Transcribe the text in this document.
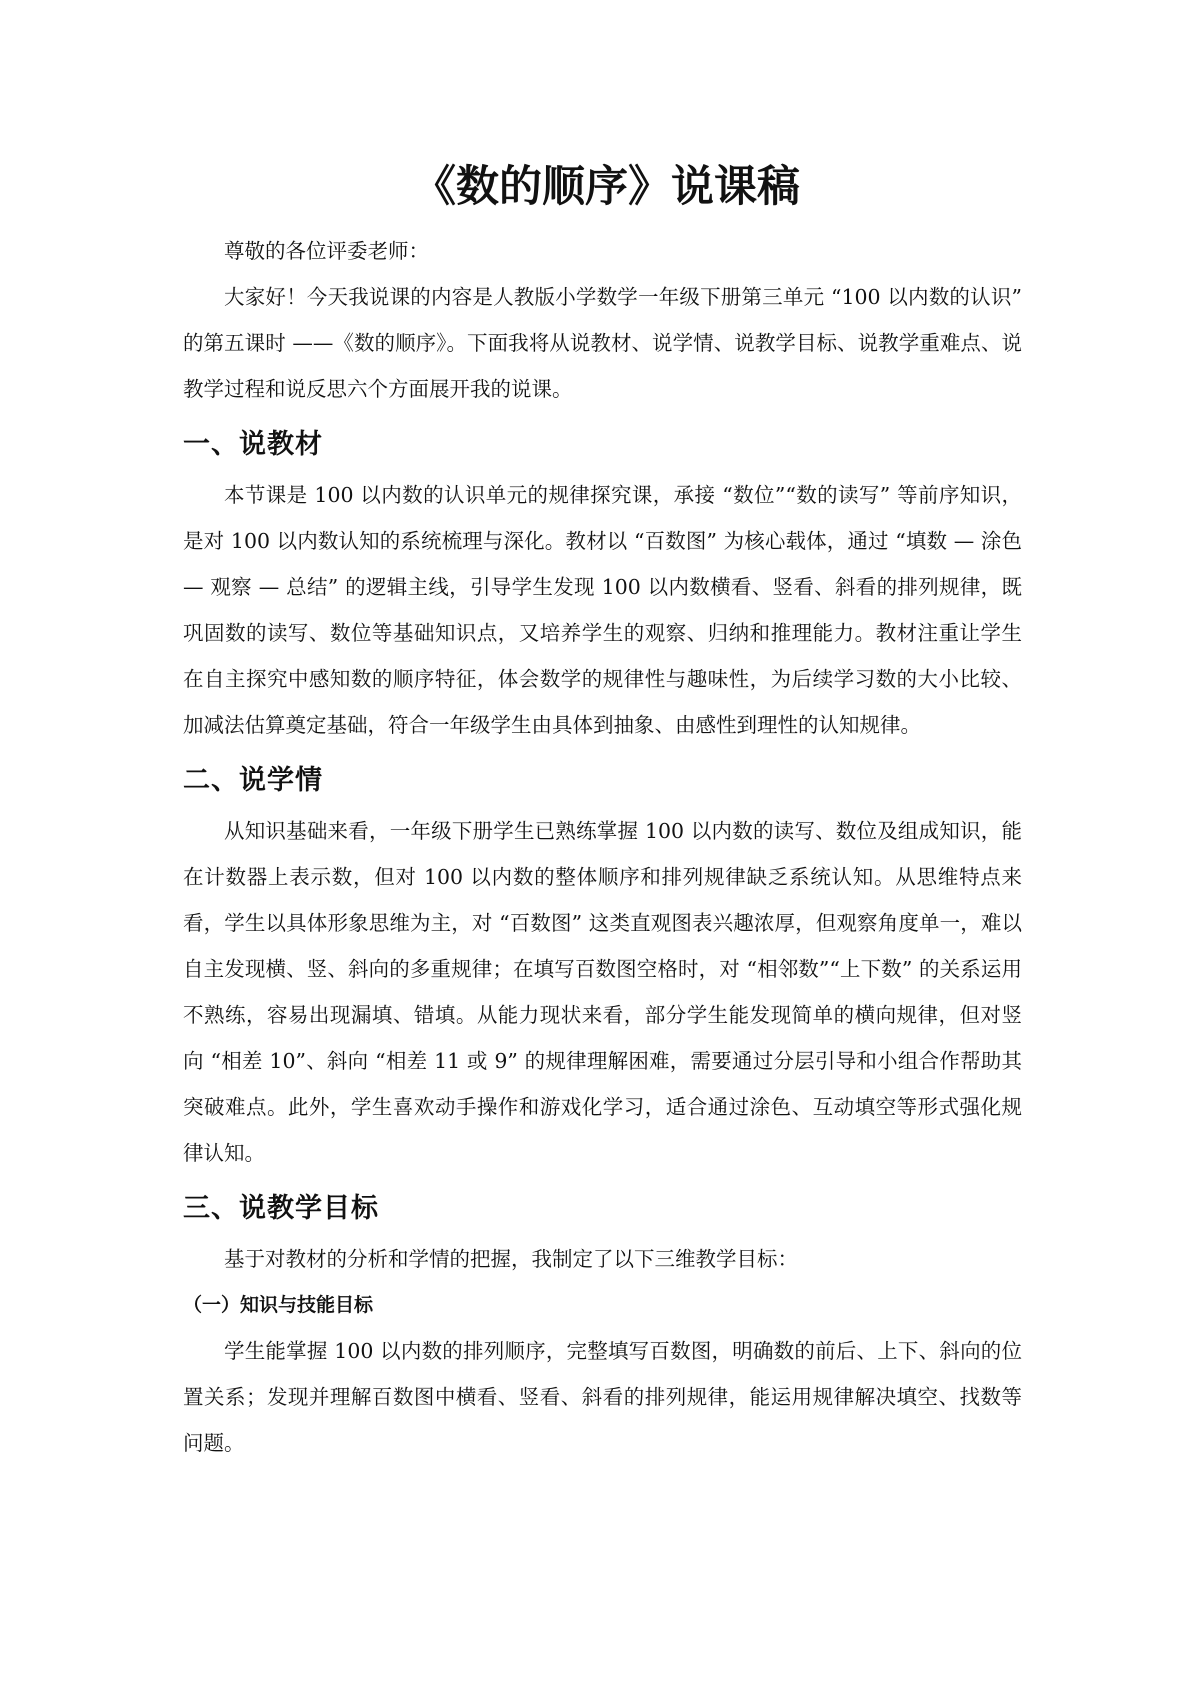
《数的顺序》说课稿

尊敬的各位评委老师：

大家好！今天我说课的内容是人教版小学数学一年级下册第三单元 “100 以内数的认识” 的第五课时 ——《数的顺序》。下面我将从说教材、说学情、说教学目标、说教学重难点、说教学过程和说反思六个方面展开我的说课。

一、说教材

本节课是 100 以内数的认识单元的规律探究课，承接 “数位”“数的读写” 等前序知识，是对 100 以内数认知的系统梳理与深化。教材以 “百数图” 为核心载体，通过 “填数 — 涂色 — 观察 — 总结” 的逻辑主线，引导学生发现 100 以内数横看、竖看、斜看的排列规律，既巩固数的读写、数位等基础知识点，又培养学生的观察、归纳和推理能力。教材注重让学生在自主探究中感知数的顺序特征，体会数学的规律性与趣味性，为后续学习数的大小比较、加减法估算奠定基础，符合一年级学生由具体到抽象、由感性到理性的认知规律。

二、说学情

从知识基础来看，一年级下册学生已熟练掌握 100 以内数的读写、数位及组成知识，能在计数器上表示数，但对 100 以内数的整体顺序和排列规律缺乏系统认知。从思维特点来看，学生以具体形象思维为主，对 “百数图” 这类直观图表兴趣浓厚，但观察角度单一，难以自主发现横、竖、斜向的多重规律；在填写百数图空格时，对 “相邻数”“上下数” 的关系运用不熟练，容易出现漏填、错填。从能力现状来看，部分学生能发现简单的横向规律，但对竖向 “相差 10”、斜向 “相差 11 或 9” 的规律理解困难，需要通过分层引导和小组合作帮助其突破难点。此外，学生喜欢动手操作和游戏化学习，适合通过涂色、互动填空等形式强化规律认知。

三、说教学目标

基于对教材的分析和学情的把握，我制定了以下三维教学目标：

（一）知识与技能目标

学生能掌握 100 以内数的排列顺序，完整填写百数图，明确数的前后、上下、斜向的位置关系；发现并理解百数图中横看、竖看、斜看的排列规律，能运用规律解决填空、找数等问题。
